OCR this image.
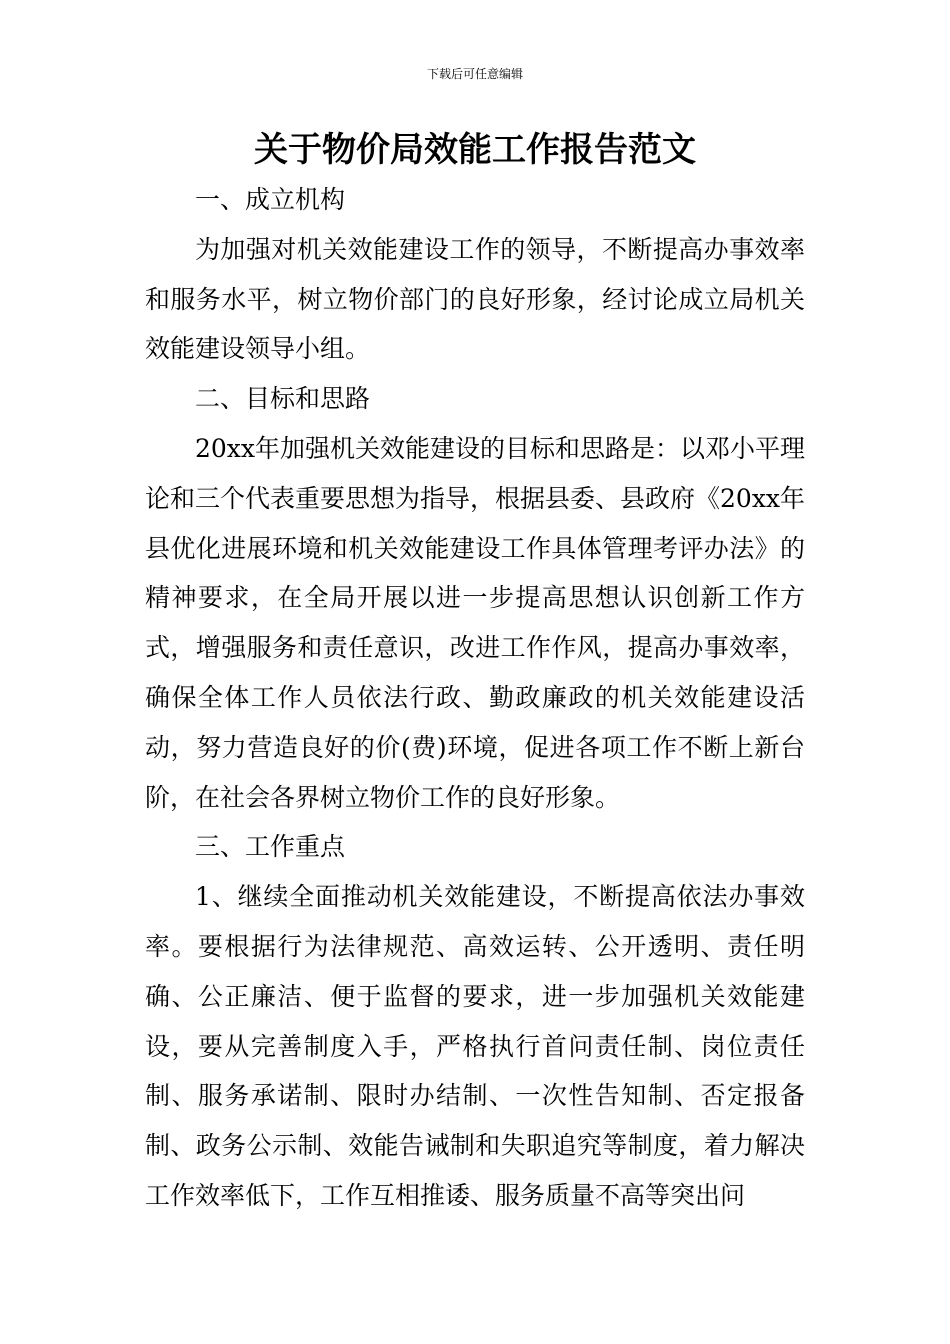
下载后可任意编辑
关于物价局效能工作报告范文

一、成立机构

为加强对机关效能建设工作的领导，不断提高办事效率和服务水平，树立物价部门的良好形象，经讨论成立局机关效能建设领导小组。

二、目标和思路

20xx年加强机关效能建设的目标和思路是：以邓小平理论和三个代表重要思想为指导，根据县委、县政府《20xx年县优化进展环境和机关效能建设工作具体管理考评办法》的精神要求，在全局开展以进一步提高思想认识创新工作方式，增强服务和责任意识，改进工作作风，提高办事效率，确保全体工作人员依法行政、勤政廉政的机关效能建设活动，努力营造良好的价(费)环境，促进各项工作不断上新台阶，在社会各界树立物价工作的良好形象。

三、工作重点

1、继续全面推动机关效能建设，不断提高依法办事效率。要根据行为法律规范、高效运转、公开透明、责任明确、公正廉洁、便于监督的要求，进一步加强机关效能建设，要从完善制度入手，严格执行首问责任制、岗位责任制、服务承诺制、限时办结制、一次性告知制、否定报备制、政务公示制、效能告诫制和失职追究等制度，着力解决工作效率低下，工作互相推诿、服务质量不高等突出问
